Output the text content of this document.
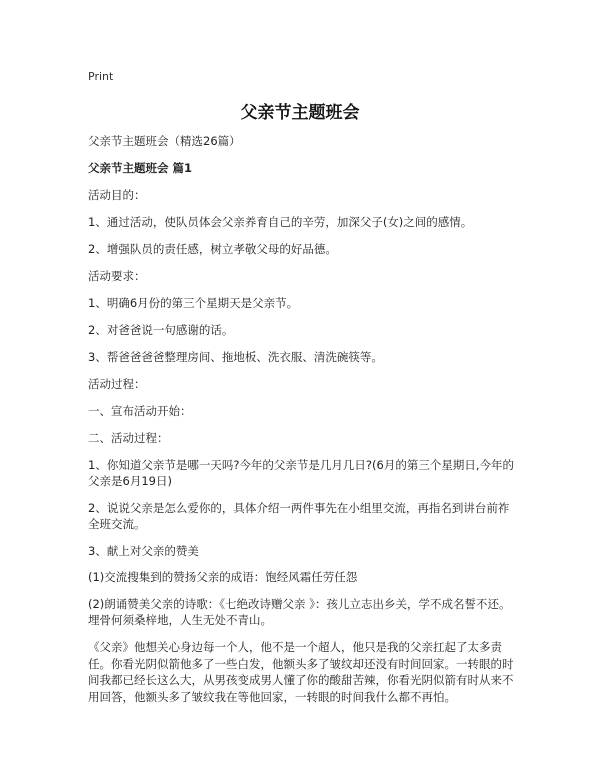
Print
父亲节主题班会

父亲节主题班会（精选26篇）

父亲节主题班会 篇1

活动目的：

1、通过活动，使队员体会父亲养育自己的辛劳，加深父子(女)之间的感情。

2、增强队员的责任感，树立孝敬父母的好品德。

活动要求：

1、明确6月份的第三个星期天是父亲节。

2、对爸爸说一句感谢的话。

3、帮爸爸爸爸整理房间、拖地板、洗衣服、清洗碗筷等。

活动过程：

一、宣布活动开始：

二、活动过程：

1、你知道父亲节是哪一天吗?今年的父亲节是几月几日?(6月的第三个星期日,今年的父亲是6月19日)

2、说说父亲是怎么爱你的，具体介绍一两件事先在小组里交流，再指名到讲台前祚全班交流。

3、献上对父亲的赞美

(1)交流搜集到的赞扬父亲的成语：饱经风霜任劳任怨

(2)朗诵赞美父亲的诗歌：《七绝改诗赠父亲 》：孩儿立志出乡关，学不成名誓不还。埋骨何须桑梓地，人生无处不青山。

《父亲》他想关心身边每一个人，他不是一个超人，他只是我的父亲扛起了太多责任。你看光阴似箭他多了一些白发，他额头多了皱纹却还没有时间回家。一转眼的时间我都已经长这么大，从男孩变成男人懂了你的酸甜苦辣，你看光阴似箭有时从来不用回答，他额头多了皱纹我在等他回家，一转眼的时间我什么都不再怕。
